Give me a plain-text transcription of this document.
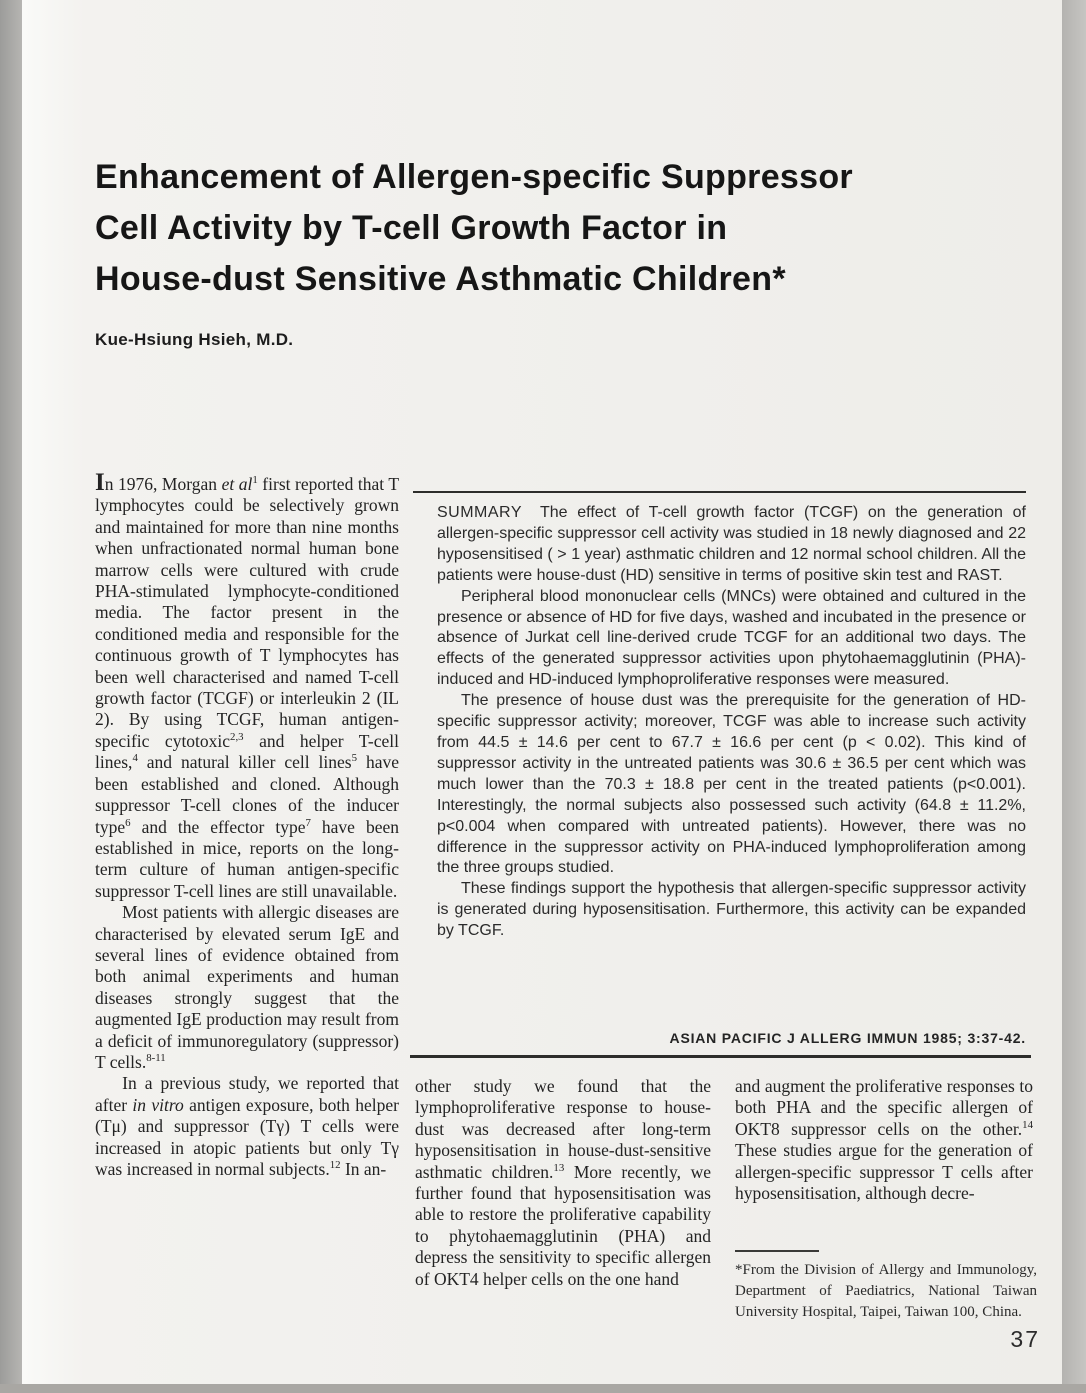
Enhancement of Allergen-specific Suppressor
Cell Activity by T-cell Growth Factor in
House-dust Sensitive Asthmatic Children*
Kue-Hsiung Hsieh, M.D.

In 1976, Morgan et $al^1$ first reported that T lymphocytes could be selectively grown and maintained for more than nine months when unfractionated normal human bone marrow cells were cultured with crude PHA-stimulated lymphocyte-conditioned media. The factor present in the conditioned media and responsible for the continuous growth of T lymphocytes has been well characterised and named T-cell growth factor (TCGF) or interleukin 2 (IL 2). By using TCGF, human antigen-specific cytotoxic$^{2,3}$ and helper T-cell lines,$^4$ and natural killer cell lines$^5$ have been established and cloned. Although suppressor T-cell clones of the inducer type$^6$ and the effector type$^7$ have been established in mice, reports on the long-term culture of human antigen-specific suppressor T-cell lines are still unavailable.

Most patients with allergic diseases are characterised by elevated serum IgE and several lines of evidence obtained from both animal experiments and human diseases strongly suggest that the augmented IgE production may result from a deficit of immunoregulatory (suppressor) T cells.$^{8-11}$

In a previous study, we reported that after in vitro antigen exposure, both helper (Tμ) and suppressor (Tγ) T cells were increased in atopic patients but only Tγ was increased in normal subjects.$^{12}$ In an-

SUMMARY The effect of T-cell growth factor (TCGF) on the generation of allergen-specific suppressor cell activity was studied in 18 newly diagnosed and 22 hyposensitised ( > 1 year) asthmatic children and 12 normal school children. All the patients were house-dust (HD) sensitive in terms of positive skin test and RAST.

Peripheral blood mononuclear cells (MNCs) were obtained and cultured in the presence or absence of HD for five days, washed and incubated in the presence or absence of Jurkat cell line-derived crude TCGF for an additional two days. The effects of the generated suppressor activities upon phytohaemagglutinin (PHA)-induced and HD-induced lymphoproliferative responses were measured.

The presence of house dust was the prerequisite for the generation of HD-specific suppressor activity; moreover, TCGF was able to increase such activity from 44.5 ± 14.6 per cent to 67.7 ± 16.6 per cent (p < 0.02). This kind of suppressor activity in the untreated patients was 30.6 ± 36.5 per cent which was much lower than the 70.3 ± 18.8 per cent in the treated patients (p<0.001). Interestingly, the normal subjects also possessed such activity (64.8 ± 11.2%, p<0.004 when compared with untreated patients). However, there was no difference in the suppressor activity on PHA-induced lymphoproliferation among the three groups studied.

These findings support the hypothesis that allergen-specific suppressor activity is generated during hyposensitisation. Furthermore, this activity can be expanded by TCGF.

ASIAN PACIFIC J ALLERG IMMUN 1985; 3:37-42.

other study we found that the lymphoproliferative response to house-dust was decreased after long-term hyposensitisation in house-dust-sensitive asthmatic children.$^{13}$ More recently, we further found that hyposensitisation was able to restore the proliferative capability to phytohaemagglutinin (PHA) and depress the sensitivity to specific allergen of OKT4 helper cells on the one hand

and augment the proliferative responses to both PHA and the specific allergen of OKT8 suppressor cells on the other.$^{14}$ These studies argue for the generation of allergen-specific suppressor T cells after hyposensitisation, although decre-

*From the Division of Allergy and Immunology, Department of Paediatrics, National Taiwan University Hospital, Taipei, Taiwan 100, China.
37
